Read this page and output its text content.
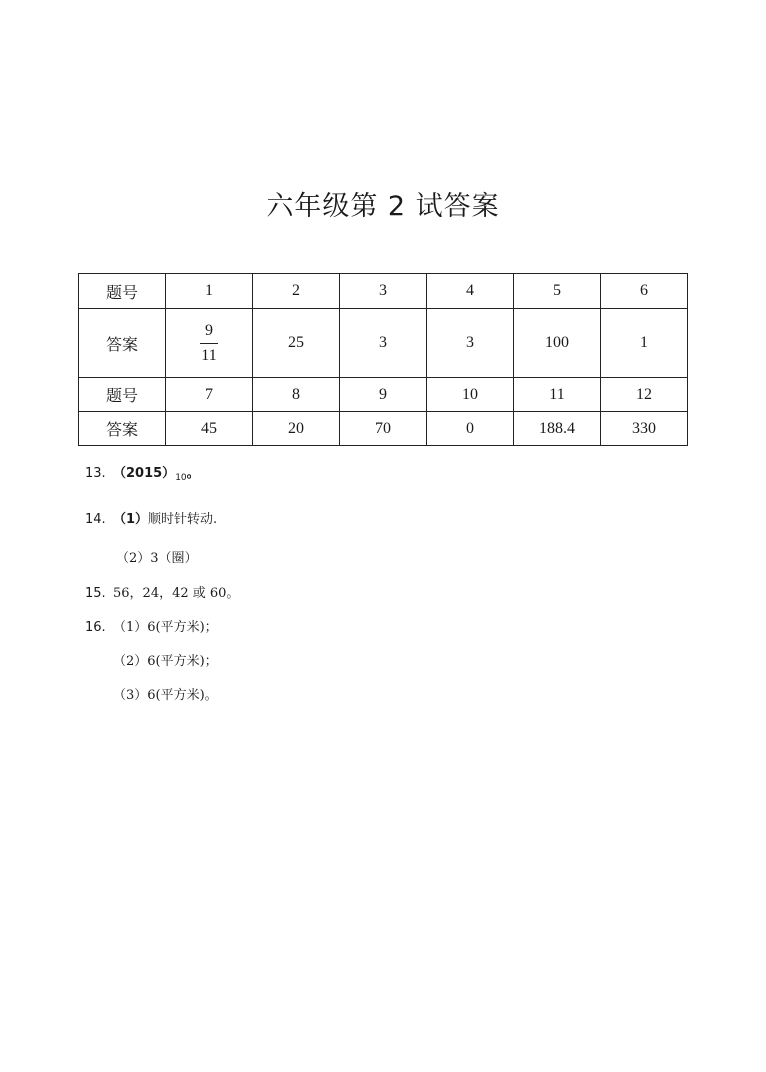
六年级第 2 试答案
题号	1	2	3	4	5	6
答案	$\frac{9}{11}$	25	3	3	100	1
题号	7	8	9	10	11	12
答案	45	20	70	0	188.4	330
13. $(2015)_{10}$。
14. （1）顺时针转动.
（2）3（圈）
15. 56，24，42 或 60。
16. （1）6(平方米)；
（2）6(平方米)；
（3）6(平方米)。
